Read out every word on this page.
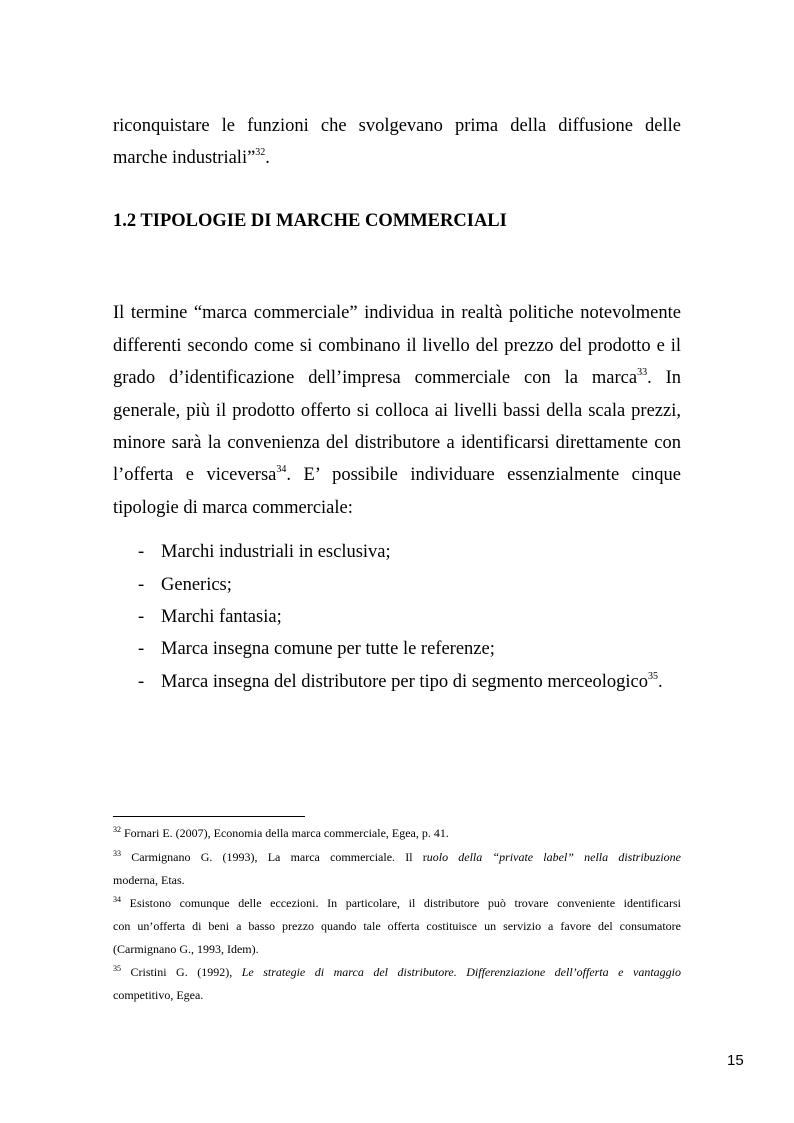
riconquistare le funzioni che svolgevano prima della diffusione delle
marche industriali”$^{32}$.
1.2 TIPOLOGIE DI MARCHE COMMERCIALI
Il termine “marca commerciale” individua in realtà politiche notevolmente
differenti secondo come si combinano il livello del prezzo del prodotto e il
grado d’identificazione dell’impresa commerciale con la marca$^{33}$. In
generale, più il prodotto offerto si colloca ai livelli bassi della scala prezzi,
minore sarà la convenienza del distributore a identificarsi direttamente con
l’offerta e viceversa$^{34}$. E’ possibile individuare essenzialmente cinque
tipologie di marca commerciale:
- Marchi industriali in esclusiva;
- Generics;
- Marchi fantasia;
- Marca insegna comune per tutte le referenze;
- Marca insegna del distributore per tipo di segmento merceologico$^{35}$.
$^{32}$ Fornari E. (2007), Economia della marca commerciale, Egea, p. 41.
$^{33}$ Carmignano G. (1993), La marca commerciale. Il ruolo della “private label” nella distribuzione
moderna, Etas.
$^{34}$ Esistono comunque delle eccezioni. In particolare, il distributore può trovare conveniente identificarsi
con un’offerta di beni a basso prezzo quando tale offerta costituisce un servizio a favore del consumatore
(Carmignano G., 1993, Idem).
$^{35}$ Cristini G. (1992), Le strategie di marca del distributore. Differenziazione dell’offerta e vantaggio
competitivo, Egea.
15
